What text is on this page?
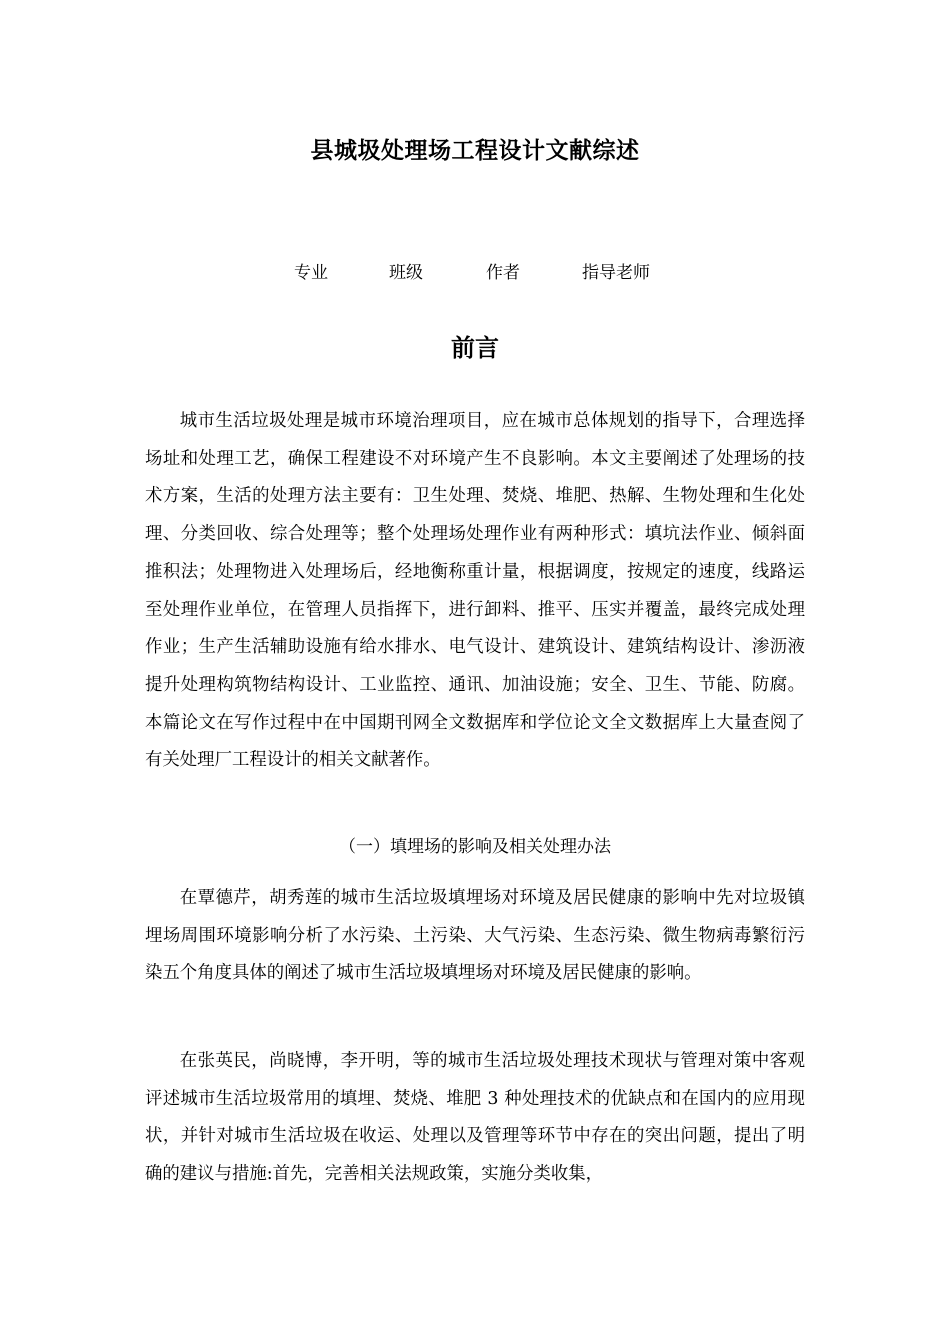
县城圾处理场工程设计文献综述
专业	班级	作者	指导老师
前言

城市生活垃圾处理是城市环境治理项目，应在城市总体规划的指导下，合理选择场址和处理工艺，确保工程建设不对环境产生不良影响。本文主要阐述了处理场的技术方案，生活的处理方法主要有：卫生处理、焚烧、堆肥、热解、生物处理和生化处理、分类回收、综合处理等；整个处理场处理作业有两种形式：填坑法作业、倾斜面推积法；处理物进入处理场后，经地衡称重计量，根据调度，按规定的速度，线路运至处理作业单位，在管理人员指挥下，进行卸料、推平、压实并覆盖，最终完成处理作业；生产生活辅助设施有给水排水、电气设计、建筑设计、建筑结构设计、渗沥液提升处理构筑物结构设计、工业监控、通讯、加油设施；安全、卫生、节能、防腐。本篇论文在写作过程中在中国期刊网全文数据库和学位论文全文数据库上大量查阅了有关处理厂工程设计的相关文献著作。

（一）填埋场的影响及相关处理办法

在覃德芹，胡秀莲的城市生活垃圾填埋场对环境及居民健康的影响中先对垃圾镇埋场周围环境影响分析了水污染、土污染、大气污染、生态污染、微生物病毒繁衍污染五个角度具体的阐述了城市生活垃圾填埋场对环境及居民健康的影响。

在张英民，尚晓博，李开明，等的城市生活垃圾处理技术现状与管理对策中客观评述城市生活垃圾常用的填埋、焚烧、堆肥 3 种处理技术的优缺点和在国内的应用现状，并针对城市生活垃圾在收运、处理以及管理等环节中存在的突出问题，提出了明确的建议与措施:首先，完善相关法规政策，实施分类收集，
